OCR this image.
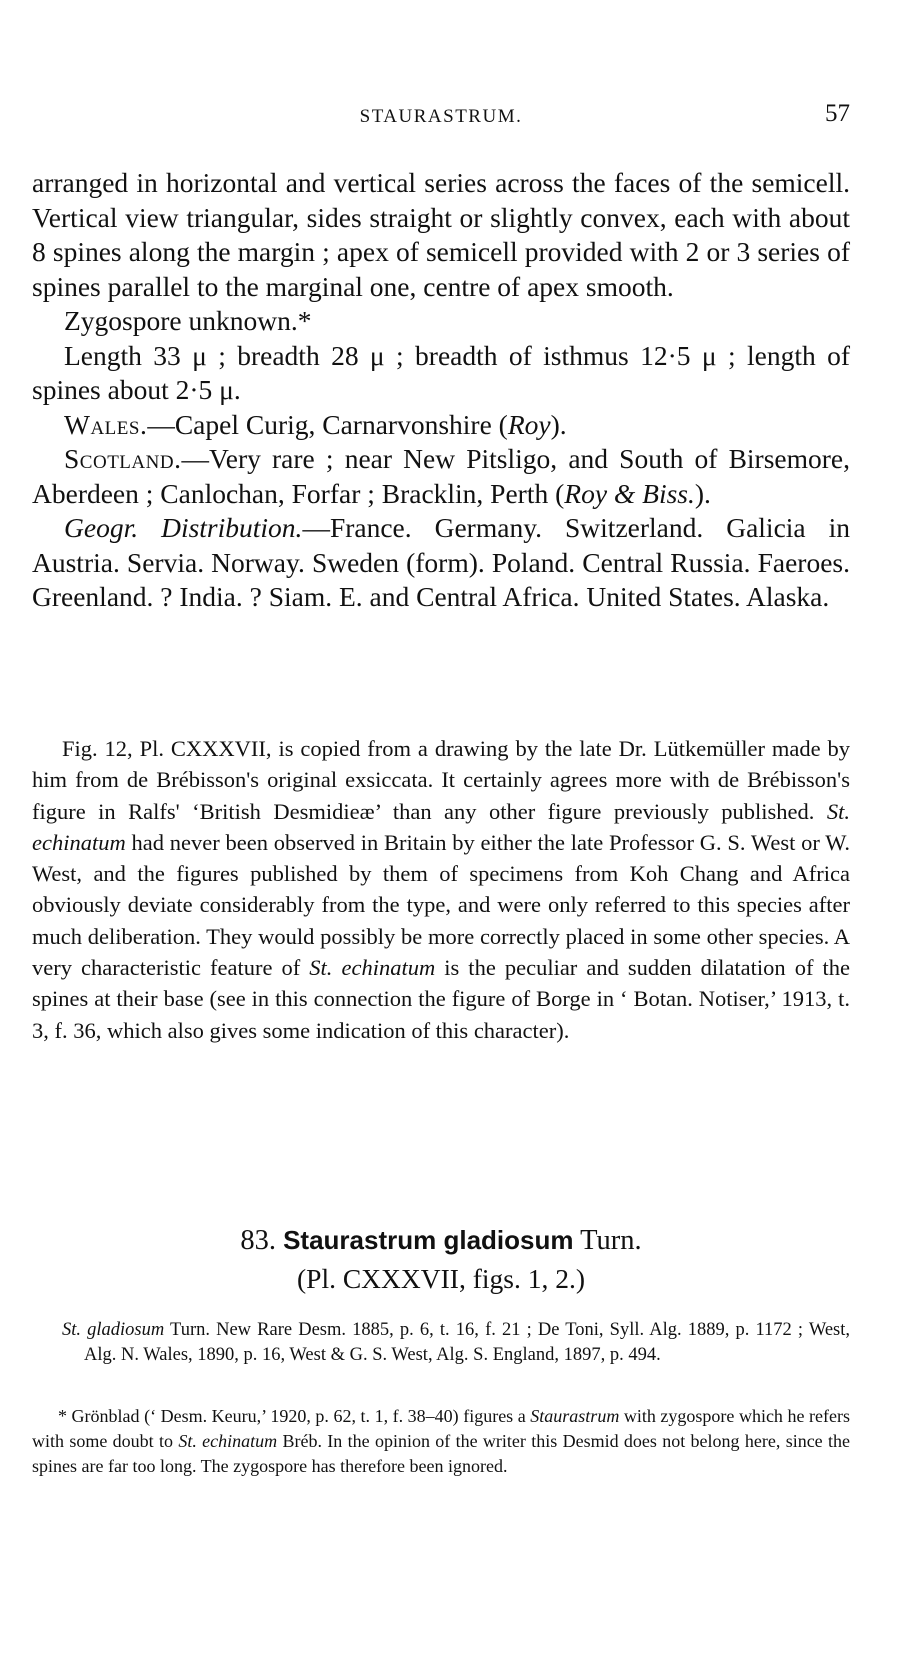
STAURASTRUM.	57

arranged in horizontal and vertical series across the faces of the semicell. Vertical view triangular, sides straight or slightly convex, each with about 8 spines along the margin ; apex of semicell provided with 2 or 3 series of spines parallel to the marginal one, centre of apex smooth.

Zygospore unknown.*

Length 33 μ ; breadth 28 μ ; breadth of isthmus 12·5 μ ; length of spines about 2·5 μ.

Wales.—Capel Curig, Carnarvonshire (Roy).

Scotland.—Very rare ; near New Pitsligo, and South of Birsemore, Aberdeen ; Canlochan, Forfar ; Bracklin, Perth (Roy & Biss.).

Geogr. Distribution.—France. Germany. Switzerland. Galicia in Austria. Servia. Norway. Sweden (form). Poland. Central Russia. Faeroes. Greenland. ? India. ? Siam. E. and Central Africa. United States. Alaska.

Fig. 12, Pl. CXXXVII, is copied from a drawing by the late Dr. Lütkemüller made by him from de Brébisson's original exsiccata. It certainly agrees more with de Brébisson's figure in Ralfs' ‘British Desmidieæ’ than any other figure previously published. St. echinatum had never been observed in Britain by either the late Professor G. S. West or W. West, and the figures published by them of specimens from Koh Chang and Africa obviously deviate considerably from the type, and were only referred to this species after much deliberation. They would possibly be more correctly placed in some other species. A very characteristic feature of St. echinatum is the peculiar and sudden dilatation of the spines at their base (see in this connection the figure of Borge in ‘ Botan. Notiser,’ 1913, t. 3, f. 36, which also gives some indication of this character).

83. Staurastrum gladiosum Turn.
(Pl. CXXXVII, figs. 1, 2.)

St. gladiosum Turn. New Rare Desm. 1885, p. 6, t. 16, f. 21 ; De Toni, Syll. Alg. 1889, p. 1172 ; West, Alg. N. Wales, 1890, p. 16, West & G. S. West, Alg. S. England, 1897, p. 494.

* Grönblad (‘ Desm. Keuru,’ 1920, p. 62, t. 1, f. 38–40) figures a Staurastrum with zygospore which he refers with some doubt to St. echinatum Bréb. In the opinion of the writer this Desmid does not belong here, since the spines are far too long. The zygospore has therefore been ignored.
